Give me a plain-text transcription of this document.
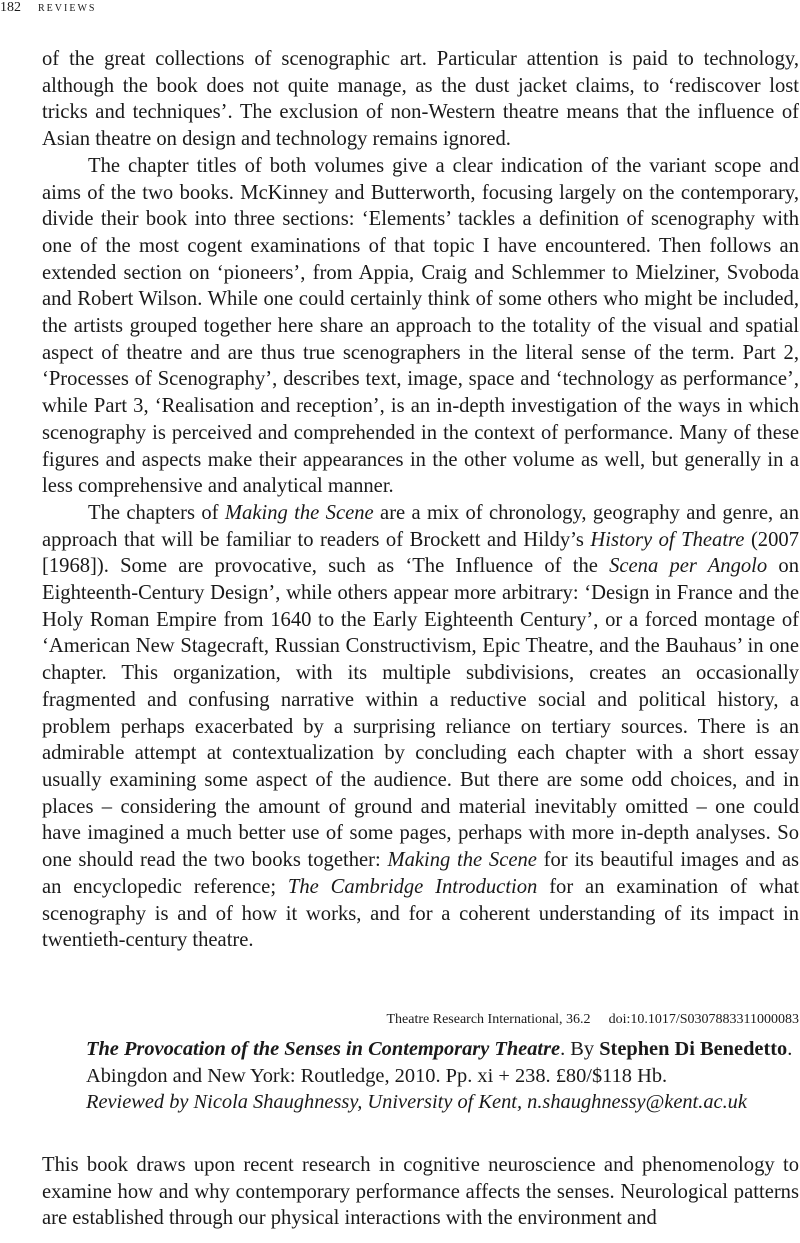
182 reviews

of the great collections of scenographic art. Particular attention is paid to technology, although the book does not quite manage, as the dust jacket claims, to ‘rediscover lost tricks and techniques’. The exclusion of non-Western theatre means that the influence of Asian theatre on design and technology remains ignored.

The chapter titles of both volumes give a clear indication of the variant scope and aims of the two books. McKinney and Butterworth, focusing largely on the contemporary, divide their book into three sections: ‘Elements’ tackles a definition of scenography with one of the most cogent examinations of that topic I have encountered. Then follows an extended section on ‘pioneers’, from Appia, Craig and Schlemmer to Mielziner, Svoboda and Robert Wilson. While one could certainly think of some others who might be included, the artists grouped together here share an approach to the totality of the visual and spatial aspect of theatre and are thus true scenographers in the literal sense of the term. Part 2, ‘Processes of Scenography’, describes text, image, space and ‘technology as performance’, while Part 3, ‘Realisation and reception’, is an in-depth investigation of the ways in which scenography is perceived and comprehended in the context of performance. Many of these figures and aspects make their appearances in the other volume as well, but generally in a less comprehensive and analytical manner.

The chapters of Making the Scene are a mix of chronology, geography and genre, an approach that will be familiar to readers of Brockett and Hildy’s History of Theatre (2007 [1968]). Some are provocative, such as ‘The Influence of the Scena per Angolo on Eighteenth-Century Design’, while others appear more arbitrary: ‘Design in France and the Holy Roman Empire from 1640 to the Early Eighteenth Century’, or a forced montage of ‘American New Stagecraft, Russian Constructivism, Epic Theatre, and the Bauhaus’ in one chapter. This organization, with its multiple subdivisions, creates an occasionally fragmented and confusing narrative within a reductive social and political history, a problem perhaps exacerbated by a surprising reliance on tertiary sources. There is an admirable attempt at contextualization by concluding each chapter with a short essay usually examining some aspect of the audience. But there are some odd choices, and in places – considering the amount of ground and material inevitably omitted – one could have imagined a much better use of some pages, perhaps with more in-depth analyses. So one should read the two books together: Making the Scene for its beautiful images and as an encyclopedic reference; The Cambridge Introduction for an examination of what scenography is and of how it works, and for a coherent understanding of its impact in twentieth-century theatre.

Theatre Research International, 36.2 doi:10.1017/S0307883311000083

The Provocation of the Senses in Contemporary Theatre. By Stephen Di Benedetto. Abingdon and New York: Routledge, 2010. Pp. xi + 238. £80/$118 Hb.

Reviewed by Nicola Shaughnessy, University of Kent, n.shaughnessy@kent.ac.uk

This book draws upon recent research in cognitive neuroscience and phenomenology to examine how and why contemporary performance affects the senses. Neurological patterns are established through our physical interactions with the environment and
